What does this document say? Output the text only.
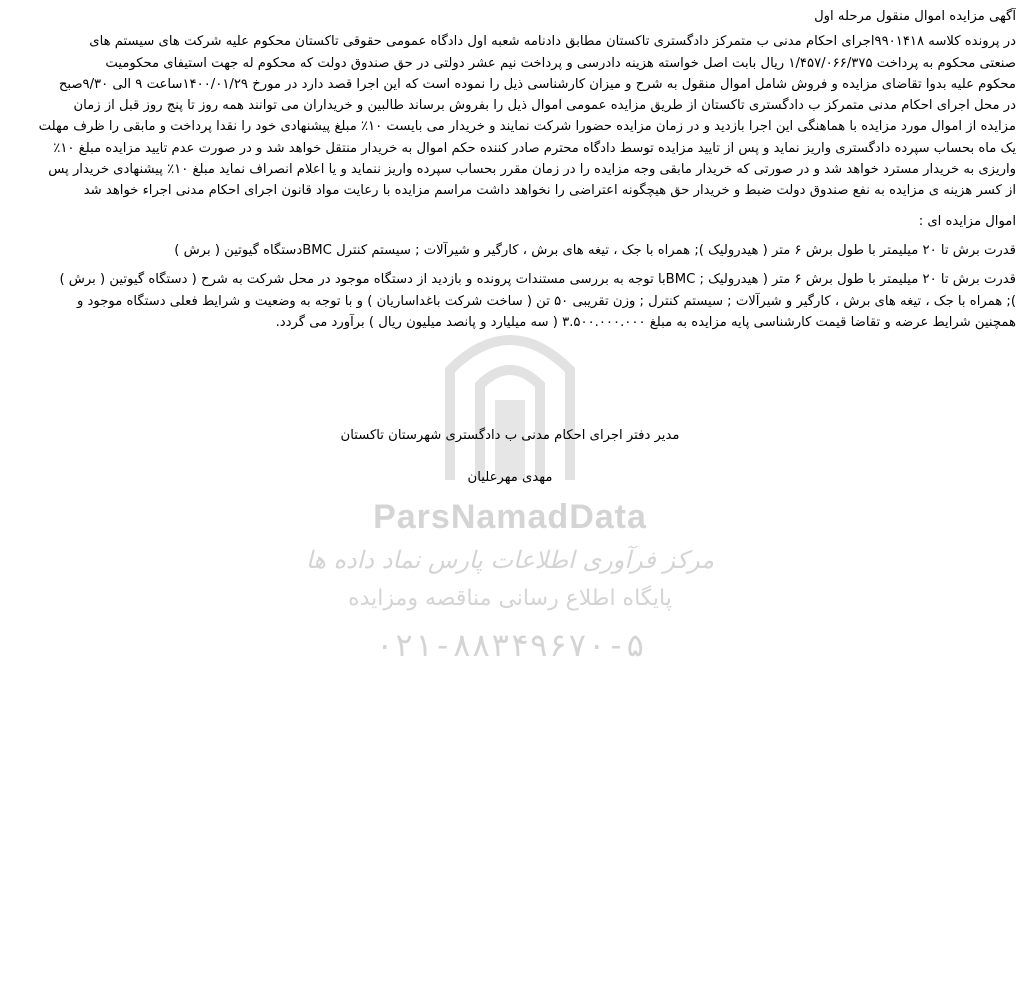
ParsNamadData
مرکز فرآوری اطلاعات پارس نماد داده ها
پایگاه اطلاع رسانی مناقصه ومزایده
۰۲۱-۸۸۳۴۹۶۷۰-۵
آگهی مزایده اموال منقول مرحله اول
در پرونده کلاسه ۹۹۰۱۴۱۸اجرای احکام مدنی ب متمرکز دادگستری تاکستان مطابق دادنامه شعبه اول دادگاه عمومی حقوقی تاکستان محکوم علیه شرکت های سیستم های
صنعتی محکوم به پرداخت ۱/۴۵۷/۰۶۶/۳۷۵ ریال بابت اصل خواسته هزینه دادرسی و پرداخت نیم عشر دولتی در حق صندوق دولت که محکوم له جهت استیفای محکومیت
محکوم علیه بدوا تقاضای مزایده و فروش شامل اموال منقول به شرح و میزان کارشناسی ذیل را نموده است که این اجرا قصد دارد در مورخ ۱۴۰۰/۰۱/۲۹ساعت ۹ الی ۹/۳۰صبح
در محل اجرای احکام مدنی متمرکز ب دادگستری تاکستان از طریق مزایده عمومی اموال ذیل را بفروش برساند طالبین و خریداران می توانند همه روز تا پنج روز قبل از زمان
مزایده از اموال مورد مزایده با هماهنگی این اجرا بازدید و در زمان مزایده حضورا شرکت نمایند و خریدار می بایست ۱۰٪ مبلغ پیشنهادی خود را نقدا پرداخت و مابقی را ظرف مهلت
یک ماه بحساب سپرده دادگستری واریز نماید و پس از تایید مزایده توسط دادگاه محترم صادر کننده حکم اموال به خریدار منتقل خواهد شد و در صورت عدم تایید مزایده مبلغ ۱۰٪
واریزی به خریدار مسترد خواهد شد و در صورتی که خریدار مابقی وجه مزایده را در زمان مقرر بحساب سپرده واریز ننماید و یا اعلام انصراف نماید مبلغ ۱۰٪ پیشنهادی خریدار پس
از کسر هزینه ی مزایده به نفع صندوق دولت ضبط و خریدار حق هیچگونه اعتراضی را نخواهد داشت مراسم مزایده با رعایت مواد قانون اجرای احکام مدنی اجراء خواهد شد
اموال مزایده ای :
قدرت برش تا ۲۰ میلیمتر با طول برش ۶ متر ( هیدرولیک ); همراه با جک ، تیغه های برش ، کارگیر و شیرآلات ; سیستم کنترل BMCدستگاه گیوتین ( برش )
قدرت برش تا ۲۰ میلیمتر با طول برش ۶ متر ( هیدرولیک ; BMCبا توجه به بررسی مستندات پرونده و بازدید از دستگاه موجود در محل شرکت به شرح ( دستگاه گیوتین ( برش )
); همراه با جک ، تیغه های برش ، کارگیر و شیرآلات ; سیستم کنترل ; وزن تقریبی ۵۰ تن ( ساخت شرکت باغداساریان ) و با توجه به وضعیت و شرایط فعلی دستگاه موجود و
همچنین شرایط عرضه و تقاضا قیمت کارشناسی پایه مزایده به مبلغ ۳.۵۰۰.۰۰۰.۰۰۰ ( سه میلیارد و پانصد میلیون ریال ) برآورد می گردد.
مدیر دفتر اجرای احکام مدنی ب دادگستری شهرستان تاکستان
مهدی مهرعلیان
